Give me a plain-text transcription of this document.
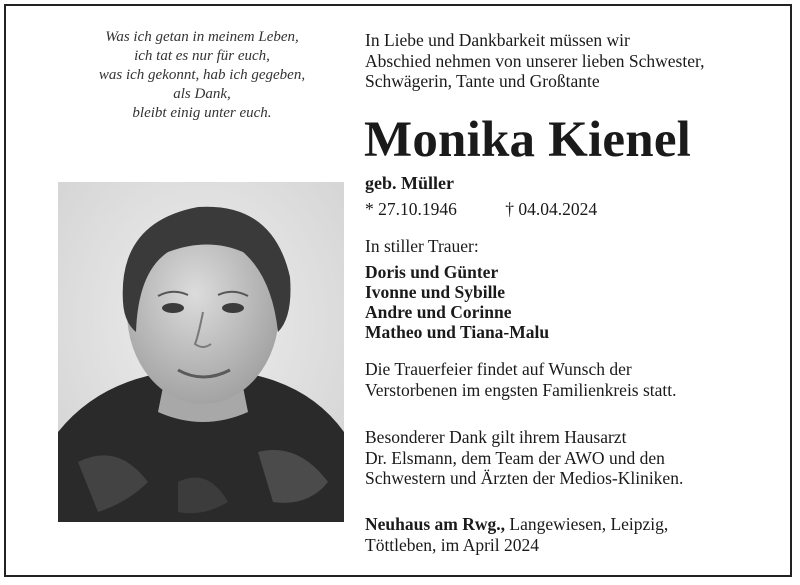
Was ich getan in meinem Leben,
ich tat es nur für euch,
was ich gekonnt, hab ich gegeben,
als Dank,
bleibt einig unter euch.
In Liebe und Dankbarkeit müssen wir
Abschied nehmen von unserer lieben Schwester,
Schwägerin, Tante und Großtante
Monika Kienel
geb. Müller
* 27.10.1946	† 04.04.2024
In stiller Trauer:
Doris und Günter
Ivonne und Sybille
Andre und Corinne
Matheo und Tiana-Malu
Die Trauerfeier findet auf Wunsch der
Verstorbenen im engsten Familienkreis statt.
Besonderer Dank gilt ihrem Hausarzt
Dr. Elsmann, dem Team der AWO und den
Schwestern und Ärzten der Medios-Kliniken.
Neuhaus am Rwg., Langewiesen, Leipzig,
Töttleben, im April 2024
